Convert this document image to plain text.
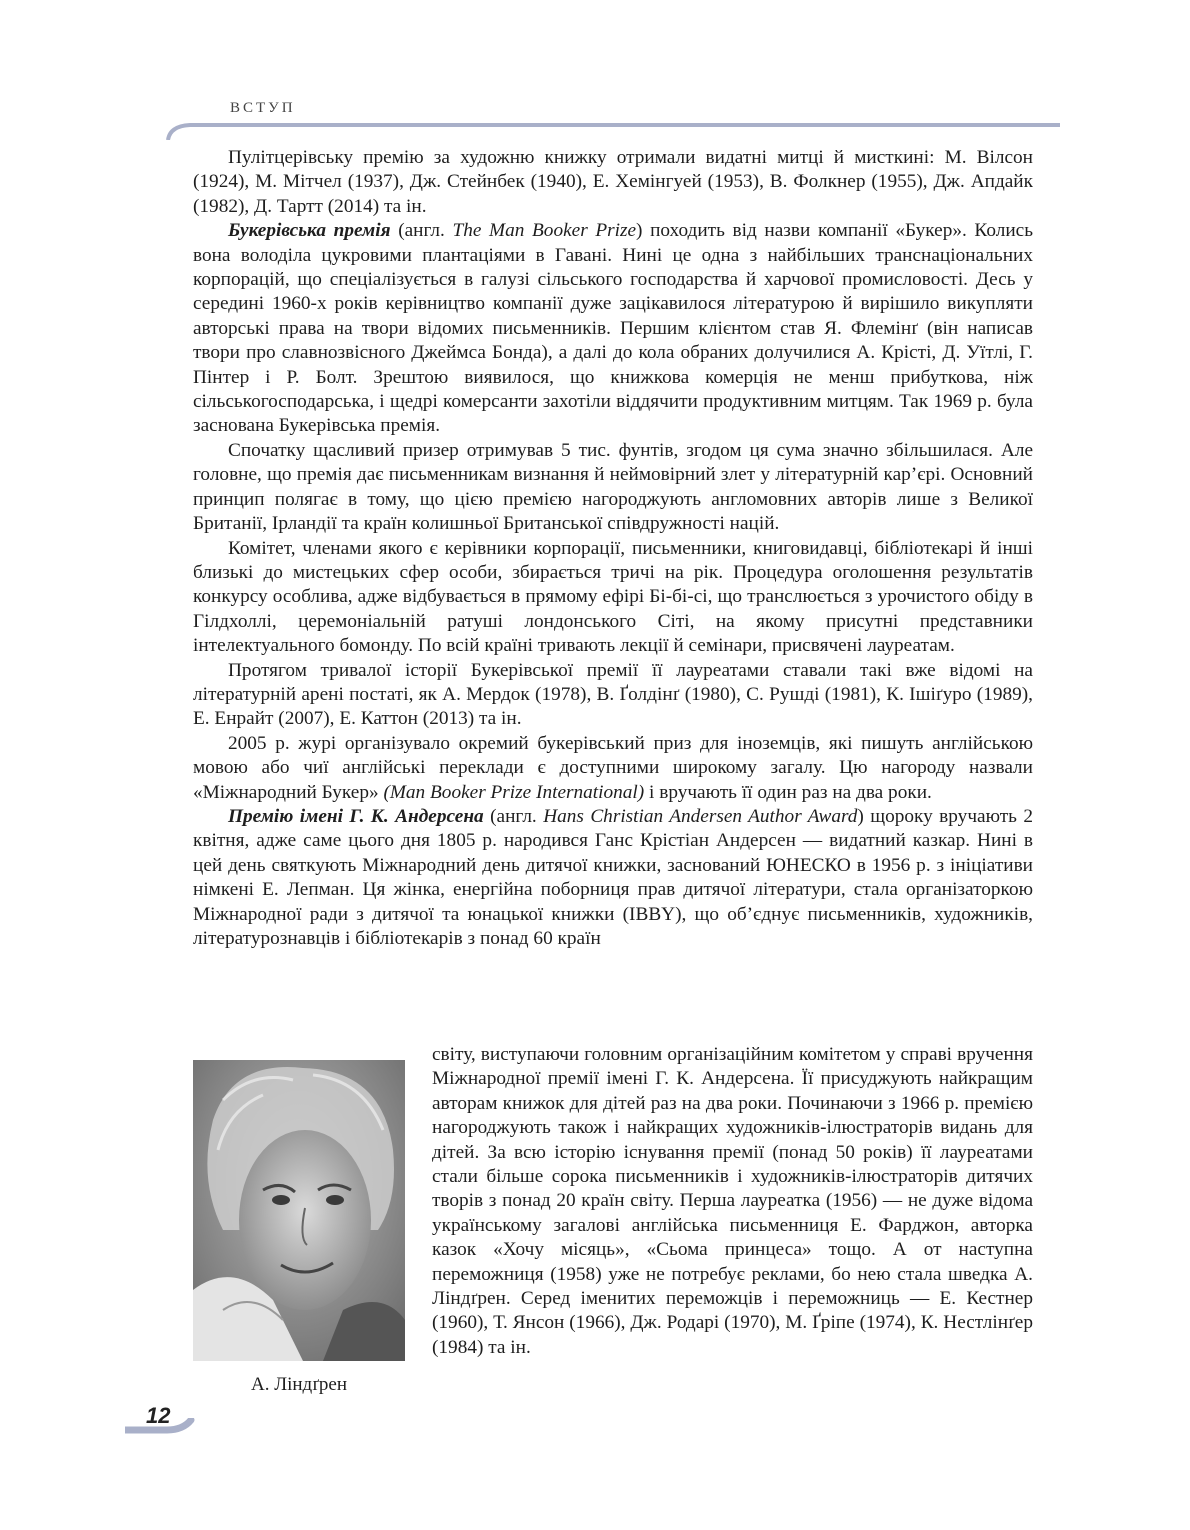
ВСТУП

Пулітцерівську премію за художню книжку отримали видатні митці й мисткині: М. Вілсон (1924), М. Мітчел (1937), Дж. Стейнбек (1940), Е. Хемінгуей (1953), В. Фолкнер (1955), Дж. Апдайк (1982), Д. Тартт (2014) та ін.

Букерівська премія (англ. The Man Booker Prize) походить від назви компанії «Букер». Колись вона володіла цукровими плантаціями в Гавані. Нині це одна з найбільших транснаціональних корпорацій, що спеціалізується в галузі сільського господарства й харчової промисловості. Десь у середині 1960-х років керівництво компанії дуже зацікавилося літературою й вирішило викупляти авторські права на твори відомих письменників. Першим клієнтом став Я. Флемінґ (він написав твори про славнозвісного Джеймса Бонда), а далі до кола обраних долучилися А. Крісті, Д. Уїтлі, Г. Пінтер і Р. Болт. Зрештою виявилося, що книжкова комерція не менш прибуткова, ніж сільськогосподарська, і щедрі комерсанти захотіли віддячити продуктивним митцям. Так 1969 р. була заснована Букерівська премія.

Спочатку щасливий призер отримував 5 тис. фунтів, згодом ця сума значно збільшилася. Але головне, що премія дає письменникам визнання й неймовірний злет у літературній кар’єрі. Основний принцип полягає в тому, що цією премією нагороджують англомовних авторів лише з Великої Британії, Ірландії та країн колишньої Британської співдружності націй.

Комітет, членами якого є керівники корпорації, письменники, книговидавці, бібліотекарі й інші близькі до мистецьких сфер особи, збирається тричі на рік. Процедура оголошення результатів конкурсу особлива, адже відбувається в прямому ефірі Бі-бі-сі, що транслюється з урочистого обіду в Гілдхоллі, церемоніальній ратуші лондонського Сіті, на якому присутні представники інтелектуального бомонду. По всій країні тривають лекції й семінари, присвячені лауреатам.

Протягом тривалої історії Букерівської премії її лауреатами ставали такі вже відомі на літературній арені постаті, як А. Мердок (1978), В. Ґолдінґ (1980), С. Рушді (1981), К. Ішіґуро (1989), Е. Енрайт (2007), Е. Каттон (2013) та ін.

2005 р. журі організувало окремий букерівський приз для іноземців, які пишуть англійською мовою або чиї англійські переклади є доступними широкому загалу. Цю нагороду назвали «Міжнародний Букер» (Man Booker Prize International) і вручають її один раз на два роки.

Премію імені Г. К. Андерсена (англ. Hans Christian Andersen Author Award) щороку вручають 2 квітня, адже саме цього дня 1805 р. народився Ганс Крістіан Андерсен — видатний казкар. Нині в цей день святкують Міжнародний день дитячої книжки, заснований ЮНЕСКО в 1956 р. з ініціативи німкені Е. Лепман. Ця жінка, енергійна поборниця прав дитячої літератури, стала організаторкою Міжнародної ради з дитячої та юнацької книжки (IBBY), що об’єднує письменників, художників, літературознавців і бібліотекарів з понад 60 країн

А. Ліндґрен
світу, виступаючи головним організаційним комітетом у справі вручення Міжнародної премії імені Г. К. Андерсена. Її присуджують найкращим авторам книжок для дітей раз на два роки. Починаючи з 1966 р. премією нагороджують також і найкращих художників-ілюстраторів видань для дітей. За всю історію існування премії (понад 50 років) її лауреатами стали більше сорока письменників і художників-ілюстраторів дитячих творів з понад 20 країн світу. Перша лауреатка (1956) — не дуже відома українському загалові англійська письменниця Е. Фарджон, авторка казок «Хочу місяць», «Сьома принцеса» тощо. А от наступна переможниця (1958) уже не потребує реклами, бо нею стала шведка А. Ліндґрен. Серед іменитих переможців і переможниць — Е. Кестнер (1960), Т. Янсон (1966), Дж. Родарі (1970), М. Ґріпе (1974), К. Нестлінґер (1984) та ін.
12
